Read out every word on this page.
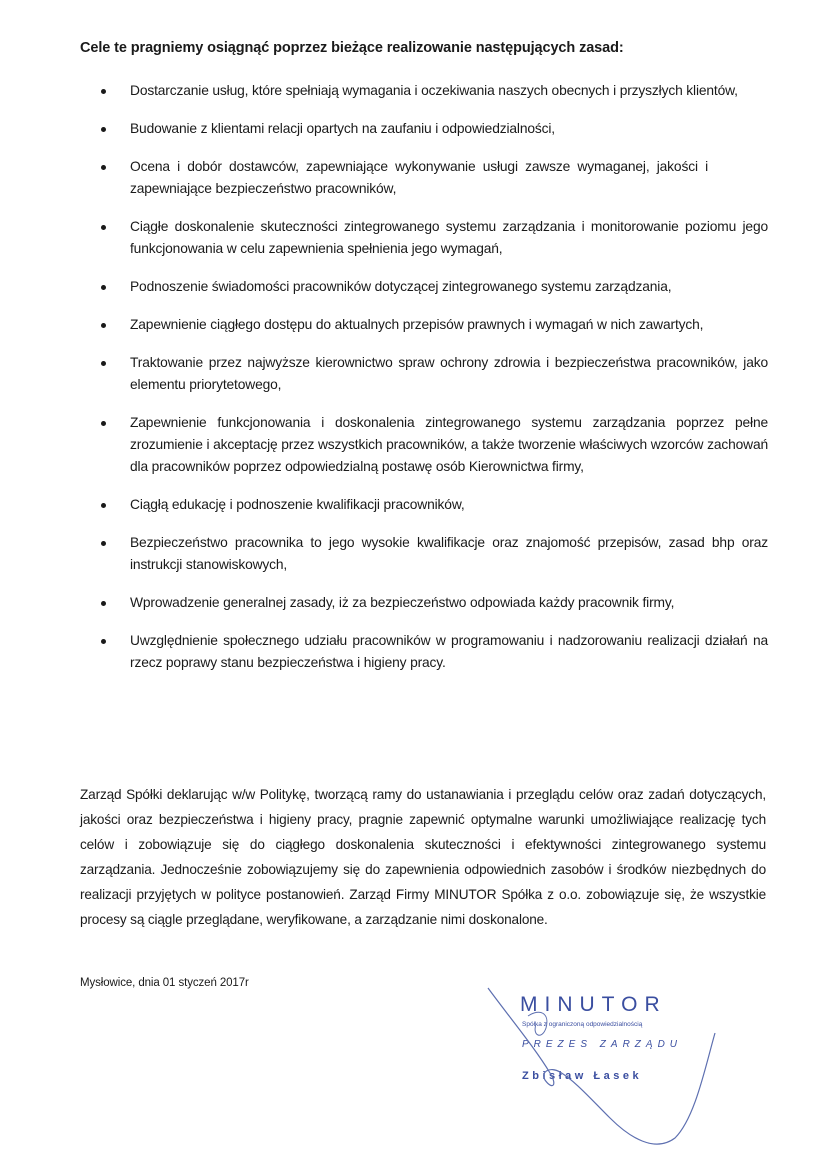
Cele te pragniemy osiągnąć poprzez bieżące realizowanie następujących zasad:
Dostarczanie usług, które spełniają wymagania i oczekiwania naszych obecnych i przyszłych klientów,
Budowanie z klientami relacji opartych na zaufaniu i odpowiedzialności,
Ocena i dobór dostawców, zapewniające wykonywanie usługi zawsze wymaganej, jakości i zapewniające bezpieczeństwo pracowników,
Ciągłe doskonalenie skuteczności zintegrowanego systemu zarządzania i monitorowanie poziomu jego funkcjonowania w celu zapewnienia spełnienia jego wymagań,
Podnoszenie świadomości pracowników dotyczącej zintegrowanego systemu zarządzania,
Zapewnienie ciągłego dostępu do aktualnych przepisów prawnych i wymagań w nich zawartych,
Traktowanie przez najwyższe kierownictwo spraw ochrony zdrowia i bezpieczeństwa pracowników, jako elementu priorytetowego,
Zapewnienie funkcjonowania i doskonalenia zintegrowanego systemu zarządzania poprzez pełne zrozumienie i akceptację przez wszystkich pracowników, a także tworzenie właściwych wzorców zachowań dla pracowników poprzez odpowiedzialną postawę osób Kierownictwa firmy,
Ciągłą edukację i podnoszenie kwalifikacji pracowników,
Bezpieczeństwo pracownika to jego wysokie kwalifikacje oraz znajomość przepisów, zasad bhp oraz instrukcji stanowiskowych,
Wprowadzenie generalnej zasady, iż za bezpieczeństwo odpowiada każdy pracownik firmy,
Uwzględnienie społecznego udziału pracowników w programowaniu i nadzorowaniu realizacji działań na rzecz poprawy stanu bezpieczeństwa i higieny pracy.
Zarząd Spółki deklarując w/w Politykę, tworzącą ramy do ustanawiania i przeglądu celów oraz zadań dotyczących, jakości oraz bezpieczeństwa i higieny pracy, pragnie zapewnić optymalne warunki umożliwiające realizację tych celów i zobowiązuje się do ciągłego doskonalenia skuteczności i efektywności zintegrowanego systemu zarządzania. Jednocześnie zobowiązujemy się do zapewnienia odpowiednich zasobów i środków niezbędnych do realizacji przyjętych w polityce postanowień. Zarząd Firmy MINUTOR Spółka z o.o. zobowiązuje się, że wszystkie procesy są ciągle przeglądane, weryfikowane, a zarządzanie nimi doskonalone.
Mysłowice, dnia 01 styczeń 2017r
MINUTOR
Spółka z ograniczoną odpowiedzialnością
PREZES ZARZĄDU
Zbisław Łasek
